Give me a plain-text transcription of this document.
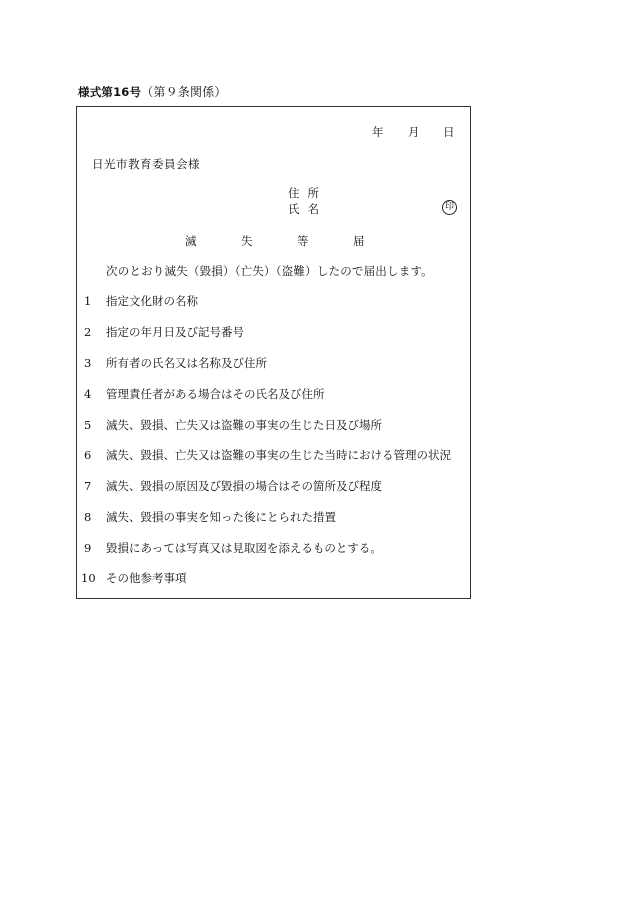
様式第16号（第９条関係）
年 月 日
日光市教育委員会様
住所
氏名	印
滅	失	等	届
次のとおり滅失（毀損）（亡失）（盗難）したので届出します。
1 指定文化財の名称
2 指定の年月日及び記号番号
3 所有者の氏名又は名称及び住所
4 管理責任者がある場合はその氏名及び住所
5 滅失、毀損、亡失又は盗難の事実の生じた日及び場所
6 滅失、毀損、亡失又は盗難の事実の生じた当時における管理の状況
7 滅失、毀損の原因及び毀損の場合はその箇所及び程度
8 滅失、毀損の事実を知った後にとられた措置
9 毀損にあっては写真又は見取図を添えるものとする。
10 その他参考事項
